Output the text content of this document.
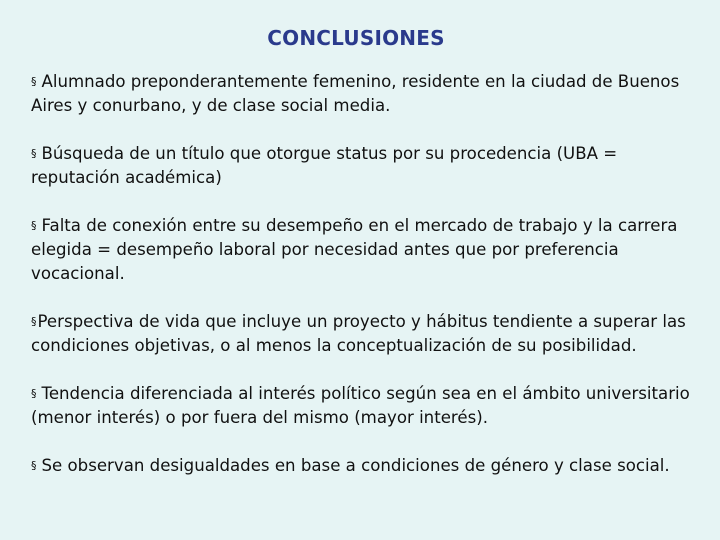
CONCLUSIONES
§ Alumnado preponderantemente femenino, residente en la ciudad de Buenos Aires y conurbano, y de clase social media.
§ Búsqueda de un título que otorgue status por su procedencia (UBA = reputación académica)
§ Falta de conexión entre su desempeño en el mercado de trabajo y la carrera elegida = desempeño laboral por necesidad antes que por preferencia vocacional.
§Perspectiva de vida que incluye un proyecto y hábitus tendiente a superar las condiciones objetivas, o al menos la conceptualización de su posibilidad.
§ Tendencia diferenciada al interés político según sea en el ámbito universitario (menor interés) o por fuera del mismo (mayor interés).
§ Se observan desigualdades en base a condiciones de género y clase social.
